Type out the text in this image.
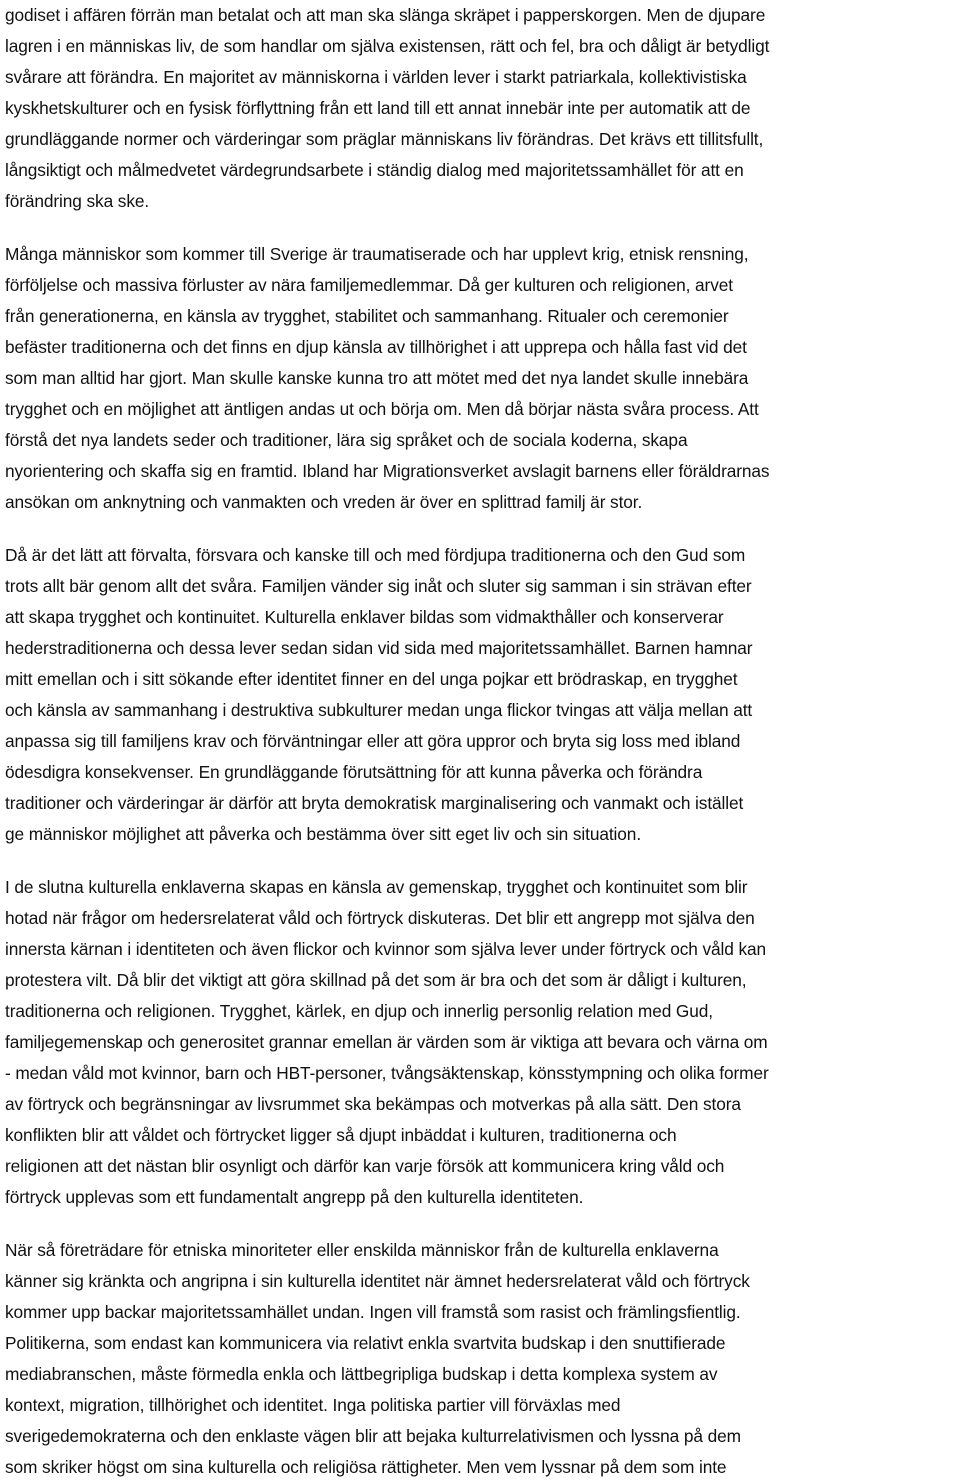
godiset i affären förrän man betalat och att man ska slänga skräpet i papperskorgen. Men de djupare
lagren i en människas liv, de som handlar om själva existensen, rätt och fel, bra och dåligt är betydligt
svårare att förändra. En majoritet av människorna i världen lever i starkt patriarkala, kollektivistiska
kyskhetskulturer och en fysisk förflyttning från ett land till ett annat innebär inte per automatik att de
grundläggande normer och värderingar som präglar människans liv förändras. Det krävs ett tillitsfullt,
långsiktigt och målmedvetet värdegrundsarbete i ständig dialog med majoritetssamhället för att en
förändring ska ske.

Många människor som kommer till Sverige är traumatiserade och har upplevt krig, etnisk rensning,
förföljelse och massiva förluster av nära familjemedlemmar. Då ger kulturen och religionen, arvet
från generationerna, en känsla av trygghet, stabilitet och sammanhang. Ritualer och ceremonier
befäster traditionerna och det finns en djup känsla av tillhörighet i att upprepa och hålla fast vid det
som man alltid har gjort. Man skulle kanske kunna tro att mötet med det nya landet skulle innebära
trygghet och en möjlighet att äntligen andas ut och börja om. Men då börjar nästa svåra process. Att
förstå det nya landets seder och traditioner, lära sig språket och de sociala koderna, skapa
nyorientering och skaffa sig en framtid. Ibland har Migrationsverket avslagit barnens eller föräldrarnas
ansökan om anknytning och vanmakten och vreden är över en splittrad familj är stor.

Då är det lätt att förvalta, försvara och kanske till och med fördjupa traditionerna och den Gud som
trots allt bär genom allt det svåra. Familjen vänder sig inåt och sluter sig samman i sin strävan efter
att skapa trygghet och kontinuitet. Kulturella enklaver bildas som vidmakthåller och konserverar
hederstraditionerna och dessa lever sedan sidan vid sida med majoritetssamhället. Barnen hamnar
mitt emellan och i sitt sökande efter identitet finner en del unga pojkar ett brödraskap, en trygghet
och känsla av sammanhang i destruktiva subkulturer medan unga flickor tvingas att välja mellan att
anpassa sig till familjens krav och förväntningar eller att göra uppror och bryta sig loss med ibland
ödesdigra konsekvenser. En grundläggande förutsättning för att kunna påverka och förändra
traditioner och värderingar är därför att bryta demokratisk marginalisering och vanmakt och istället
ge människor möjlighet att påverka och bestämma över sitt eget liv och sin situation.

I de slutna kulturella enklaverna skapas en känsla av gemenskap, trygghet och kontinuitet som blir
hotad när frågor om hedersrelaterat våld och förtryck diskuteras. Det blir ett angrepp mot själva den
innersta kärnan i identiteten och även flickor och kvinnor som själva lever under förtryck och våld kan
protestera vilt. Då blir det viktigt att göra skillnad på det som är bra och det som är dåligt i kulturen,
traditionerna och religionen. Trygghet, kärlek, en djup och innerlig personlig relation med Gud,
familjegemenskap och generositet grannar emellan är värden som är viktiga att bevara och värna om
- medan våld mot kvinnor, barn och HBT-personer, tvångsäktenskap, könsstympning och olika former
av förtryck och begränsningar av livsrummet ska bekämpas och motverkas på alla sätt. Den stora
konflikten blir att våldet och förtrycket ligger så djupt inbäddat i kulturen, traditionerna och
religionen att det nästan blir osynligt och därför kan varje försök att kommunicera kring våld och
förtryck upplevas som ett fundamentalt angrepp på den kulturella identiteten.

När så företrädare för etniska minoriteter eller enskilda människor från de kulturella enklaverna
känner sig kränkta och angripna i sin kulturella identitet när ämnet hedersrelaterat våld och förtryck
kommer upp backar majoritetssamhället undan. Ingen vill framstå som rasist och främlingsfientlig.
Politikerna, som endast kan kommunicera via relativt enkla svartvita budskap i den snuttifierade
mediabranschen, måste förmedla enkla och lättbegripliga budskap i detta komplexa system av
kontext, migration, tillhörighet och identitet. Inga politiska partier vill förväxlas med
sverigedemokraterna och den enklaste vägen blir att bejaka kulturrelativismen och lyssna på dem
som skriker högst om sina kulturella och religiösa rättigheter. Men vem lyssnar på dem som inte
